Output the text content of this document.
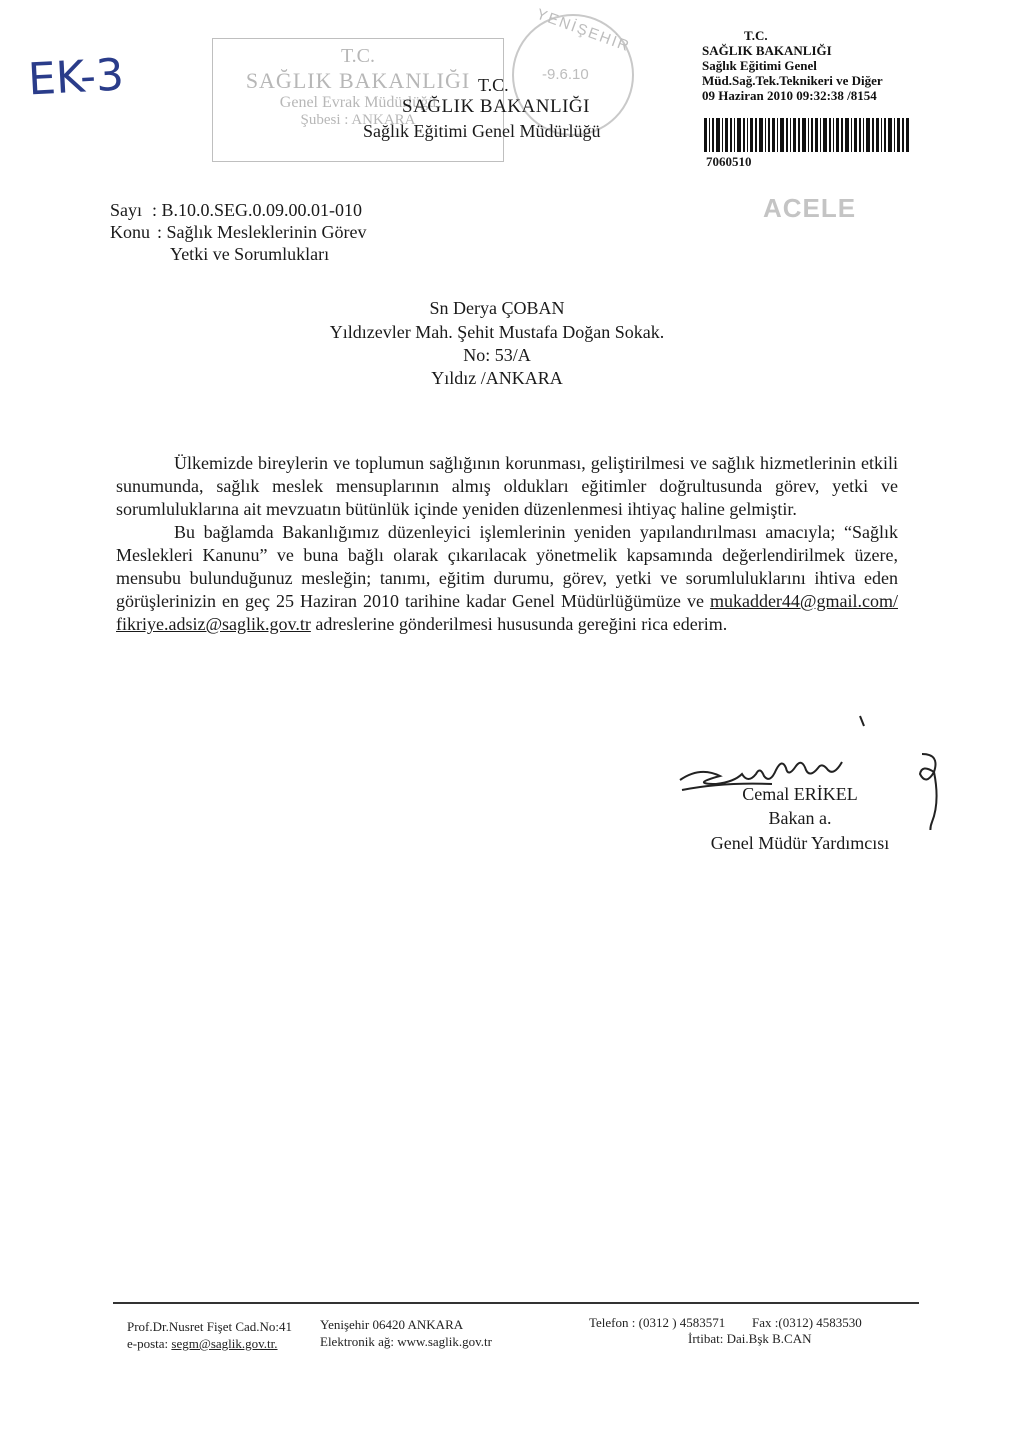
EK-3	T.C.
SAĞLIK BAKANLIĞI
Genel Evrak Müdürlüğü
Şubesi : ANKARA
YENİŞEHİR
-9.6.10
T.C.
SAĞLIK BAKANLIĞI
Sağlık Eğitimi Genel Müdürlüğü
T.C.
SAĞLIK BAKANLIĞI
Sağlık Eğitimi Genel
Müd.Sağ.Tek.Teknikeri ve Diğer
09 Haziran 2010 09:32:38 /8154
7060510
ACELE
Sayı : B.10.0.SEG.0.09.00.01-010
Konu : Sağlık Mesleklerinin Görev
Yetki ve Sorumlukları
Sn Derya ÇOBAN
Yıldızevler Mah. Şehit Mustafa Doğan Sokak.
No: 53/A
Yıldız /ANKARA

Ülkemizde bireylerin ve toplumun sağlığının korunması, geliştirilmesi ve sağlık hizmetlerinin etkili sunumunda, sağlık meslek mensuplarının almış oldukları eğitimler doğrultusunda görev, yetki ve sorumluluklarına ait mevzuatın bütünlük içinde yeniden düzenlenmesi ihtiyaç haline gelmiştir.

Bu bağlamda Bakanlığımız düzenleyici işlemlerinin yeniden yapılandırılması amacıyla; “Sağlık Meslekleri Kanunu” ve buna bağlı olarak çıkarılacak yönetmelik kapsamında değerlendirilmek üzere, mensubu bulunduğunuz mesleğin; tanımı, eğitim durumu, görev, yetki ve sorumluluklarını ihtiva eden görüşlerinizin en geç 25 Haziran 2010 tarihine kadar Genel Müdürlüğümüze ve mukadder44@gmail.com/ fikriye.adsiz@saglik.gov.tr adreslerine gönderilmesi hususunda gereğini rica ederim.

Cemal ERİKEL
Bakan a.
Genel Müdür Yardımcısı
Prof.Dr.Nusret Fişet Cad.No:41 Yenişehir 06420 ANKARA
e-posta: segm@saglik.gov.tr.	Elektronik ağ: www.saglik.gov.tr
Telefon : (0312 ) 4583571 Fax :(0312) 4583530
İrtibat: Dai.Bşk B.CAN
